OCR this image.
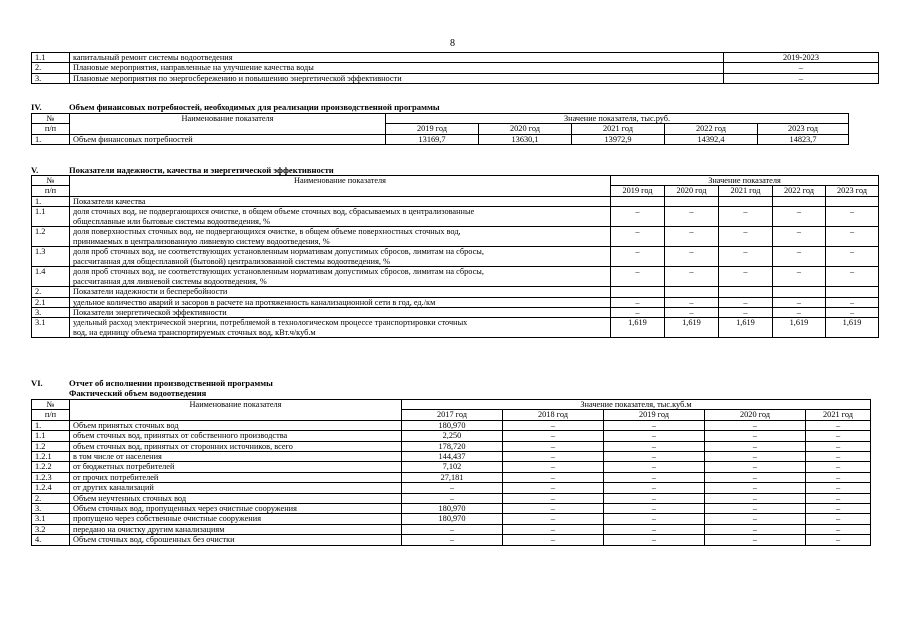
8
1.1	капитальный ремонт системы водоотведения	2019-2023
2.	Плановые мероприятия, направленные на улучшение качества воды	–
3.	Плановые мероприятия по энергосбережению и повышению энергетической эффективности	–
IV.	Объем финансовых потребностей, необходимых для реализации производственной программы
№	Наименование показателя	Значение показателя, тыс.руб.				
п/п		2019 год	2020 год	2021 год	2022 год	2023 год
1.	Объем финансовых потребностей	13169,7	13630,1	13972,9	14392,4	14823,7
V.	Показатели надежности, качества и энергетической эффективности
№	Наименование показателя	Значение показателя				
п/п		2019 год	2020 год	2021 год	2022 год	2023 год
1.	Показатели качества					

1.1	доля сточных вод, не подвергающихся очистке, в общем объеме сточных вод, сбрасываемых в централизованные
общесплавные или бытовые системы водоотведения, %	–	–	–	–	–
1.2	доля поверхностных сточных вод, не подвергающихся очистке, в общем объеме поверхностных сточных вод,
принимаемых в централизованную ливневую систему водоотведения, %	–	–	–	–	–
1.3	доля проб сточных вод, не соответствующих установленным нормативам допустимых сбросов, лимитам на сбросы,
рассчитанная для общесплавной (бытовой) централизованной системы водоотведения, %	–	–	–	–	–
1.4	доля проб сточных вод, не соответствующих установленным нормативам допустимых сбросов, лимитам на сбросы,
рассчитанная для ливневой системы водоотведения, %	–	–	–	–	–
2.	Показатели надежности и бесперебойности					

2.1	удельное количество аварий и засоров в расчете на протяженность канализационной сети в год, ед./км	–	–	–	–	–
3.	Показатели энергетической эффективности	–	–	–	–	–
3.1	удельный расход электрической энергии, потребляемой в технологическом процессе транспортировки сточных
вод, на единицу объема транспортируемых сточных вод, кВт.ч/куб.м	1,619	1,619	1,619	1,619	1,619
VI.	Отчет об исполнении производственной программы
Фактический объем водоотведения
№	Наименование показателя	Значение показателя, тыс.куб.м				
п/п		2017 год	2018 год	2019 год	2020 год	2021 год
1.	Объем принятых сточных вод	180,970	–	–	–	–
1.1	объем сточных вод, принятых от собственного производства	2,250	–	–	–	–
1.2	объем сточных вод, принятых от сторонних источников, всего	178,720	–	–	–	–
1.2.1	в том числе от населения	144,437	–	–	–	–
1.2.2	от бюджетных потребителей	7,102	–	–	–	–
1.2.3	от прочих потребителей	27,181	–	–	–	–
1.2.4	от других канализаций	–	–	–	–	–
2.	Объем неучтенных сточных вод	–	–	–	–	–
3.	Объем сточных вод, пропущенных через очистные сооружения	180,970	–	–	–	–
3.1	пропущено через собственные очистные сооружения	180,970	–	–	–	–
3.2	передано на очистку другим канализациям	–	–	–	–	–
4.	Объем сточных вод, сброшенных без очистки	–	–	–	–	–
